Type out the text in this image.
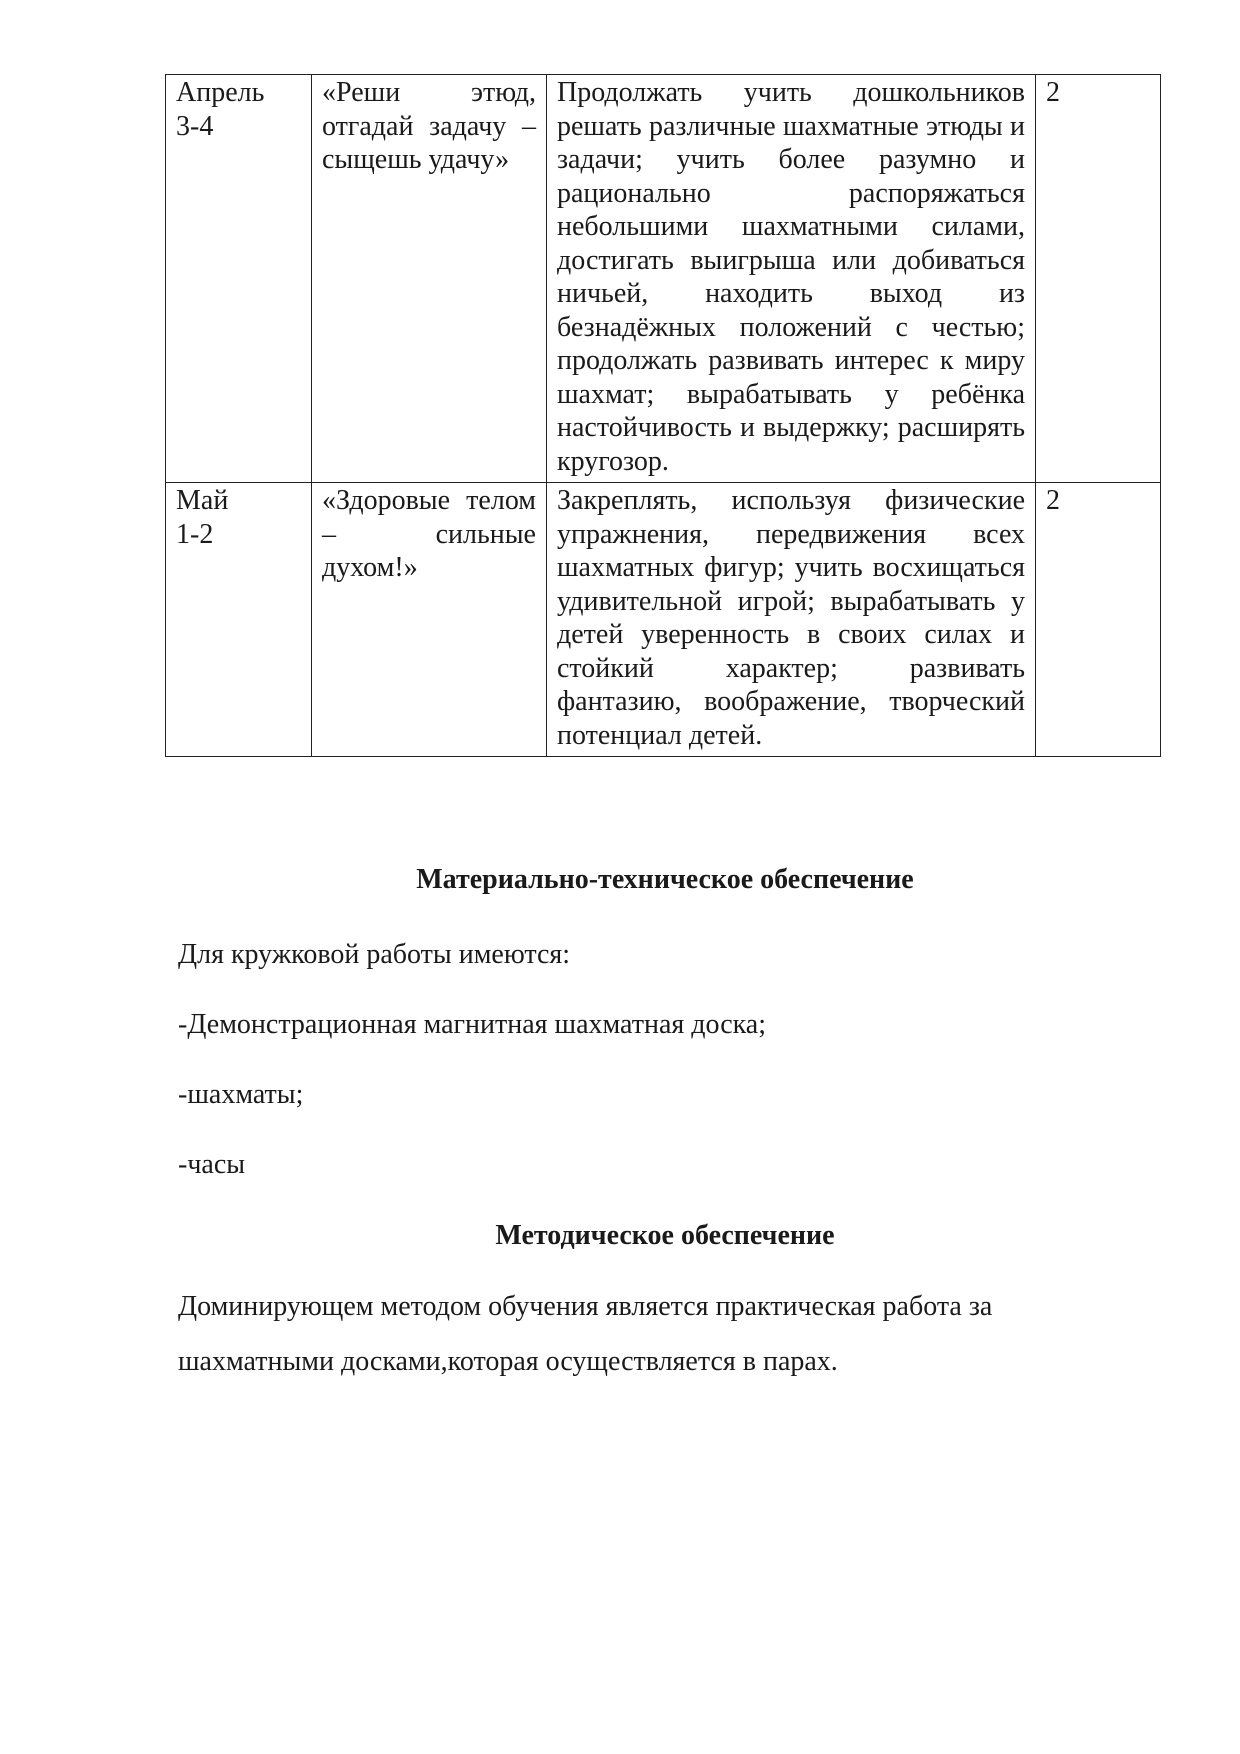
Апрель
3-4	«Реши этюд, отгадай задачу – сыщешь удачу»	Продолжать учить дошкольников решать различные шахматные этюды и задачи; учить более разумно и рационально распоряжаться небольшими шахматными силами, достигать выигрыша или добиваться ничьей, находить выход из безнадёжных положений с честью; продолжать развивать интерес к миру шахмат; вырабатывать у ребёнка настойчивость и выдержку; расширять кругозор.	2

Май
1-2	«Здоровые телом – сильные духом!»	Закреплять, используя физические упражнения, передвижения всех шахматных фигур; учить восхищаться удивительной игрой; вырабатывать у детей уверенность в своих силах и стойкий характер; развивать фантазию, воображение, творческий потенциал детей.	2
Материально-техническое обеспечение
Для кружковой работы имеются:
-Демонстрационная магнитная шахматная доска;
-шахматы;
-часы
Методическое обеспечение
Доминирующем методом обучения является практическая работа за
шахматными досками,которая осуществляется в парах.
